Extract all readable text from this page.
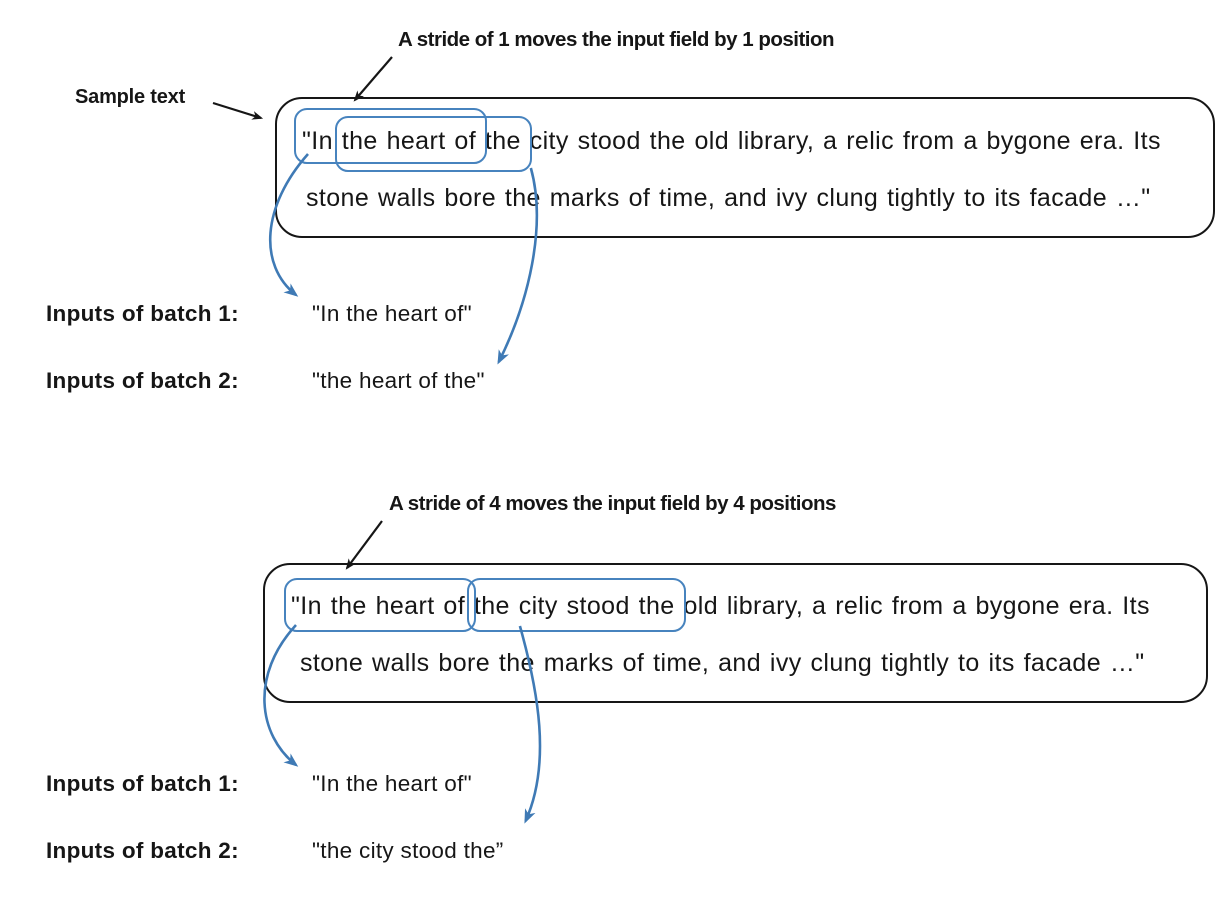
A stride of 1 moves the input field by 1 position
Sample text
"In the heart of the city stood the old library, a relic from a bygone era. Its
stone walls bore the marks of time, and ivy clung tightly to its facade …"
Inputs of batch 1:	"In the heart of"
Inputs of batch 2:	"the heart of the"
A stride of 4 moves the input field by 4 positions
"In the heart of the city stood the old library, a relic from a bygone era. Its
stone walls bore the marks of time, and ivy clung tightly to its facade …"
Inputs of batch 1:	"In the heart of"
Inputs of batch 2:	"the city stood the”
